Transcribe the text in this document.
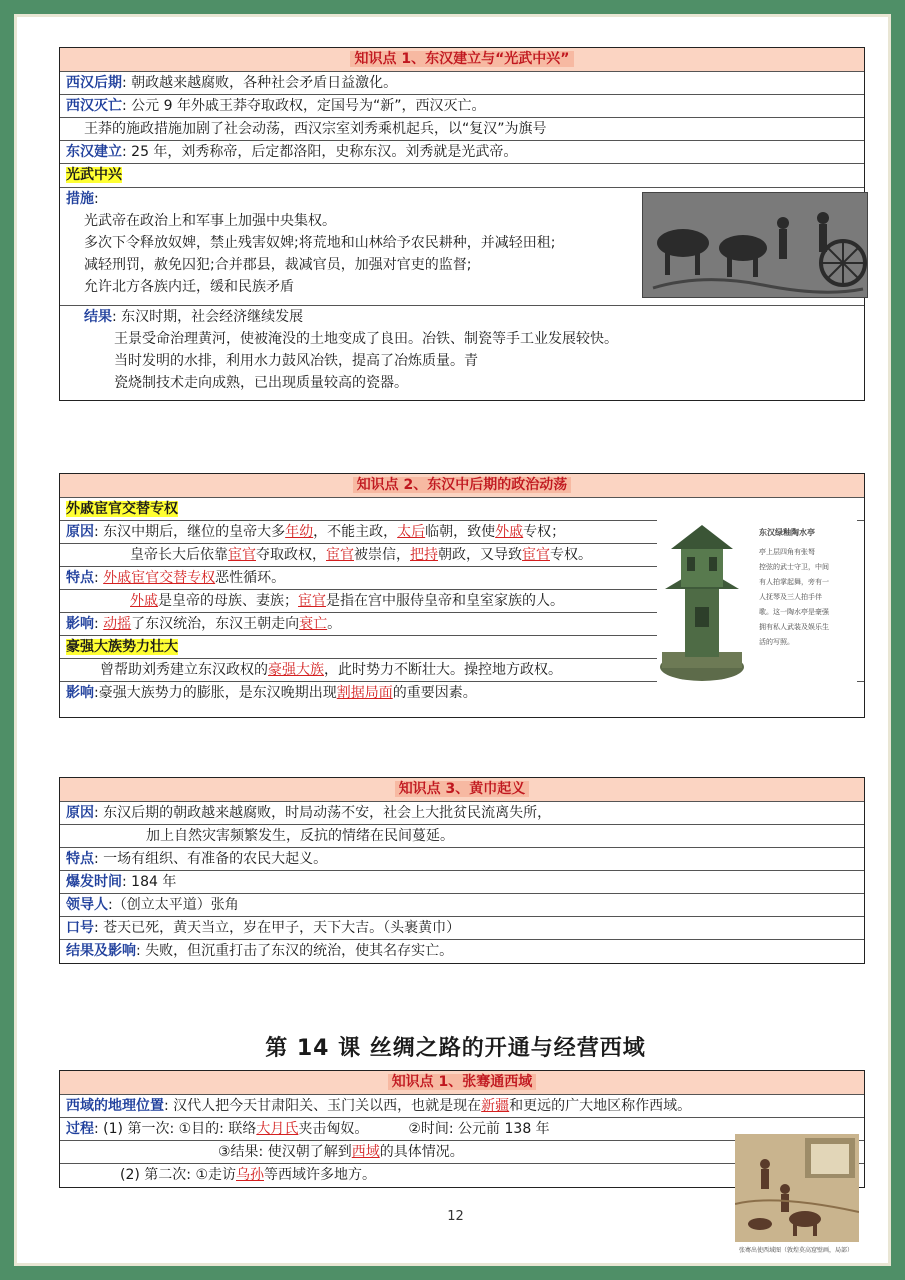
知识点 1、东汉建立与“光武中兴”
西汉后期: 朝政越来越腐败，各种社会矛盾日益激化。
西汉灭亡: 公元 9 年外戚王莽夺取政权，定国号为“新”，西汉灭亡。
王莽的施政措施加剧了社会动荡，西汉宗室刘秀乘机起兵，以“复汉”为旗号
东汉建立: 25 年，刘秀称帝，后定都洛阳，史称东汉。刘秀就是光武帝。
光武中兴
措施:
光武帝在政治上和军事上加强中央集权。
多次下令释放奴婢，禁止残害奴婢;将荒地和山林给予农民耕种，并减轻田租;
减轻刑罚，赦免囚犯;合并郡县，裁减官员，加强对官吏的监督;
允许北方各族内迁，缓和民族矛盾
结果: 东汉时期，社会经济继续发展
王景受命治理黄河，使被淹没的土地变成了良田。冶铁、制瓷等手工业发展较快。
当时发明的水排，利用水力鼓风冶铁，提高了冶炼质量。青
瓷烧制技术走向成熟，已出现质量较高的瓷器。
知识点 2、东汉中后期的政治动荡
外戚宦官交替专权
原因: 东汉中期后，继位的皇帝大多年幼，不能主政，太后临朝，致使外戚专权；
皇帝长大后依靠宦官夺取政权，宦官被崇信，把持朝政，又导致宦官专权。
特点: 外戚宦官交替专权恶性循环。
外戚是皇帝的母族、妻族；宦官是指在宫中服侍皇帝和皇室家族的人。
影响: 动摇了东汉统治，东汉王朝走向衰亡。
豪强大族势力壮大
曾帮助刘秀建立东汉政权的豪强大族，此时势力不断壮大。操控地方政权。
影响:豪强大族势力的膨胀，是东汉晚期出现割据局面的重要因素。
东汉绿釉陶水亭
亭上层四角有张弩
控弦的武士守卫，中间
有人拍掌起舞，旁有一
人抚琴及三人拍手伴
歌。这一陶水亭是豪强
拥有私人武装及娱乐生
活的写照。
知识点 3、黄巾起义
原因: 东汉后期的朝政越来越腐败，时局动荡不安，社会上大批贫民流离失所，
加上自然灾害频繁发生，反抗的情绪在民间蔓延。
特点: 一场有组织、有准备的农民大起义。
爆发时间: 184 年
领导人:（创立太平道）张角
口号: 苍天已死，黄天当立，岁在甲子，天下大吉。（头裹黄巾）
结果及影响: 失败，但沉重打击了东汉的统治，使其名存实亡。
第 14 课 丝绸之路的开通与经营西域
知识点 1、张骞通西域
西域的地理位置: 汉代人把今天甘肃阳关、玉门关以西，也就是现在新疆和更远的广大地区称作西域。
过程: (1) 第一次: ①目的: 联络大月氏夹击匈奴。	②时间: 公元前 138 年
③结果: 使汉朝了解到西域的具体情况。
(2) 第二次: ①走访乌孙等西域许多地方。
张骞出使西域图（敦煌莫高窟壁画，局部）
12
